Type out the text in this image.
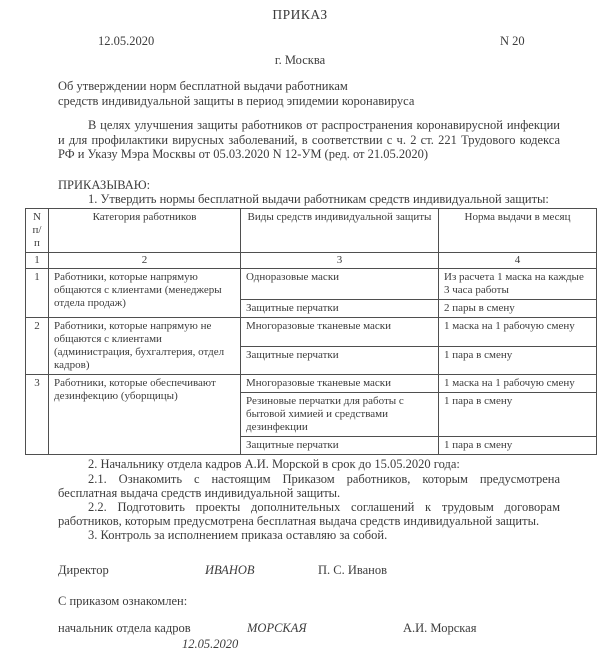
ПРИКАЗ
12.05.2020	N 20
г. Москва
Об утверждении норм бесплатной выдачи работникам
средств индивидуальной защиты в период эпидемии коронавируса
В целях улучшения защиты работников от распространения коронавирусной инфекции и для профилактики вирусных заболеваний, в соответствии с ч. 2 ст. 221 Трудового кодекса РФ и Указу Мэра Москвы от 05.03.2020 N 12-УМ (ред. от 21.05.2020)
ПРИКАЗЫВАЮ:
1. Утвердить нормы бесплатной выдачи работникам средств индивидуальной защиты:
N п/п	Категория работников	Виды средств индивидуальной защиты	Норма выдачи в месяц
1	2	3	4
1	Работники, которые напрямую общаются с клиентами (менеджеры отдела продаж)	Одноразовые маски	Из расчета 1 маска на каждые 3 часа работы
		Защитные перчатки	2 пары в смену
2	Работники, которые напрямую не общаются с клиентами (администрация, бухгалтерия, отдел кадров)	Многоразовые тканевые маски	1 маска на 1 рабочую смену
		Защитные перчатки	1 пара в смену
3	Работники, которые обеспечивают дезинфекцию (уборщицы)	Многоразовые тканевые маски	1 маска на 1 рабочую смену
		Резиновые перчатки для работы с бытовой химией и средствами дезинфекции	1 пара в смену
		Защитные перчатки	1 пара в смену
2. Начальнику отдела кадров А.И. Морской в срок до 15.05.2020 года:
2.1. Ознакомить с настоящим Приказом работников, которым предусмотрена бесплатная выдача средств индивидуальной защиты.
2.2. Подготовить проекты дополнительных соглашений к трудовым договорам работников, которым предусмотрена бесплатная выдача средств индивидуальной защиты.
3. Контроль за исполнением приказа оставляю за собой.
Директор	ИВАНОВ	П. С. Иванов
С приказом ознакомлен:
начальник отдела кадров	МОРСКАЯ	А.И. Морская
12.05.2020
